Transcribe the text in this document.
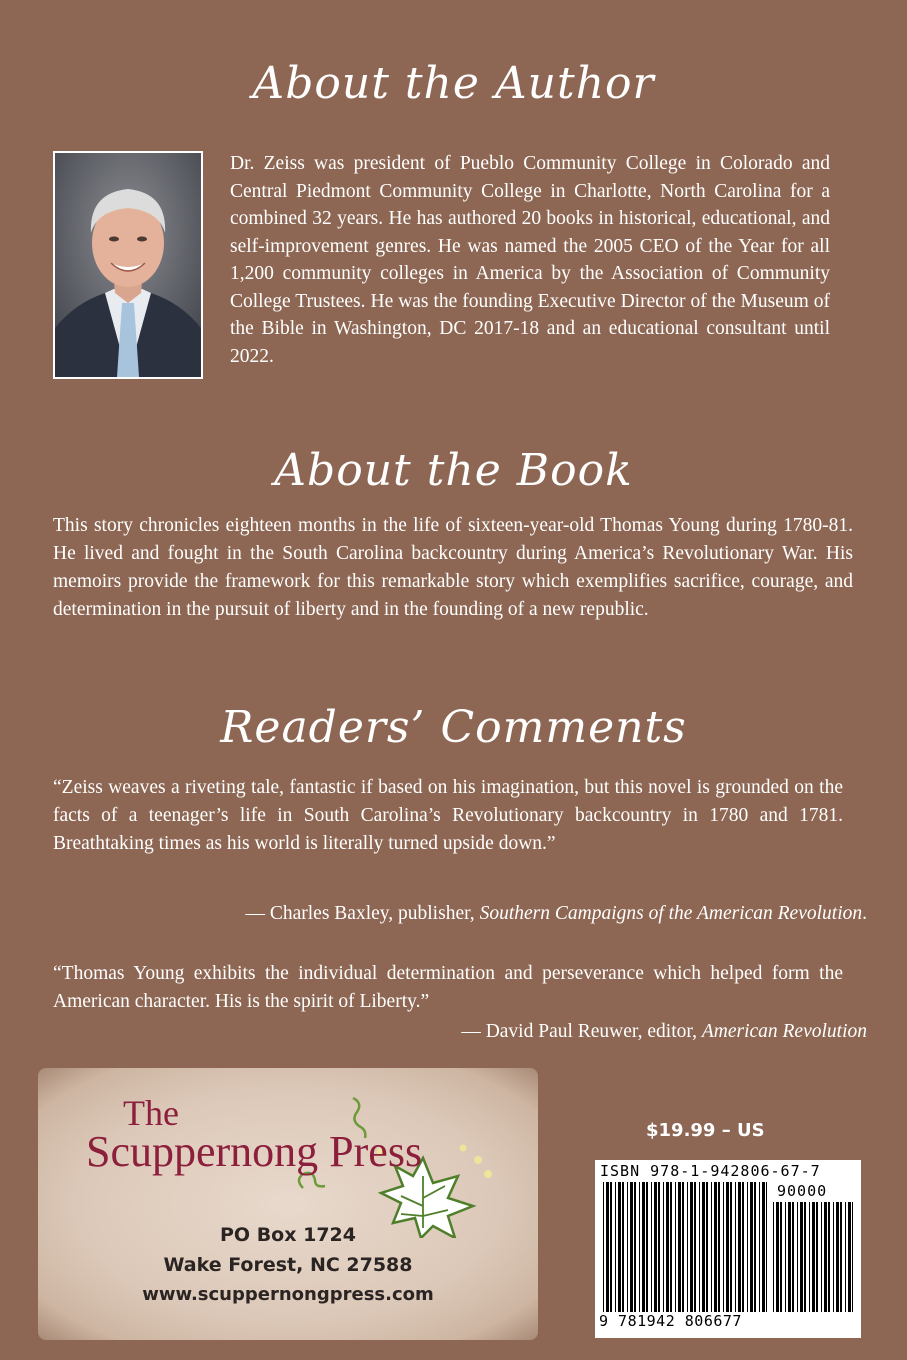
About the Author

Dr. Zeiss was president of Pueblo Community College in Colorado and Central Piedmont Community College in Charlotte, North Carolina for a combined 32 years. He has authored 20 books in historical, educational, and self-improvement genres. He was named the 2005 CEO of the Year for all 1,200 community colleges in America by the Association of Community College Trustees. He was the founding Executive Director of the Museum of the Bible in Washington, DC 2017-18 and an educational consultant until 2022.

About the Book

This story chronicles eighteen months in the life of sixteen-year-old Thomas Young during 1780-81. He lived and fought in the South Carolina backcountry during America’s Revolutionary War. His memoirs provide the framework for this remarkable story which exemplifies sacrifice, courage, and determination in the pursuit of liberty and in the founding of a new republic.

Readers’ Comments

“Zeiss weaves a riveting tale, fantastic if based on his imagination, but this novel is grounded on the facts of a teenager’s life in South Carolina’s Revolutionary backcountry in 1780 and 1781. Breathtaking times as his world is literally turned upside down.”

— Charles Baxley, publisher, Southern Campaigns of the American Revolution.

“Thomas Young exhibits the individual determination and perseverance which helped form the American character. His is the spirit of Liberty.”

— David Paul Reuwer, editor, American Revolution

The
Scuppernong Press
PO Box 1724
Wake Forest, NC 27588
www.scuppernongpress.com
$19.99 – US
ISBN 978-1-942806-67-7
90000
9 781942 806677
